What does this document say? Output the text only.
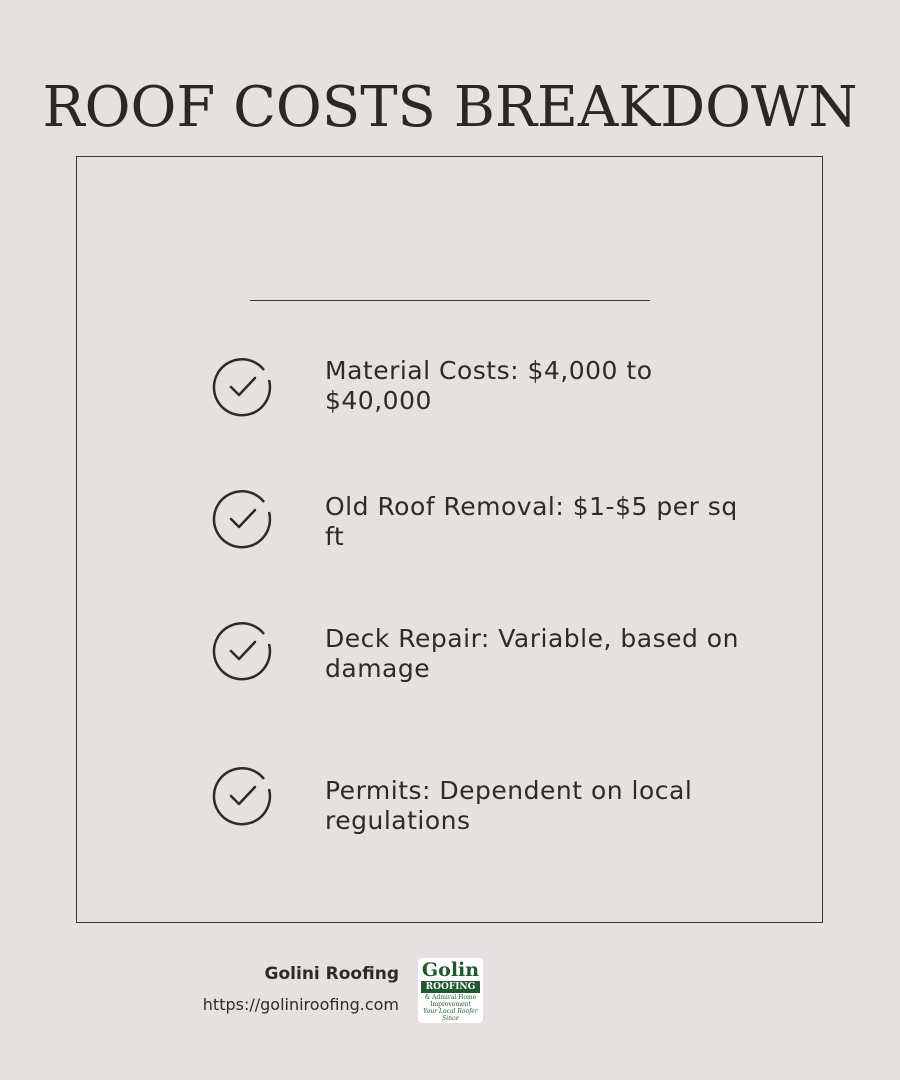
ROOF COSTS BREAKDOWN
Material Costs: $4,000 to $40,000
Old Roof Removal: $1-$5 per sq ft
Deck Repair: Variable, based on damage
Permits: Dependent on local regulations
Golini Roofing
https://goliniroofing.com
Golin
ROOFING
& Admiral Home Improvement
Your Local Roofer Since
